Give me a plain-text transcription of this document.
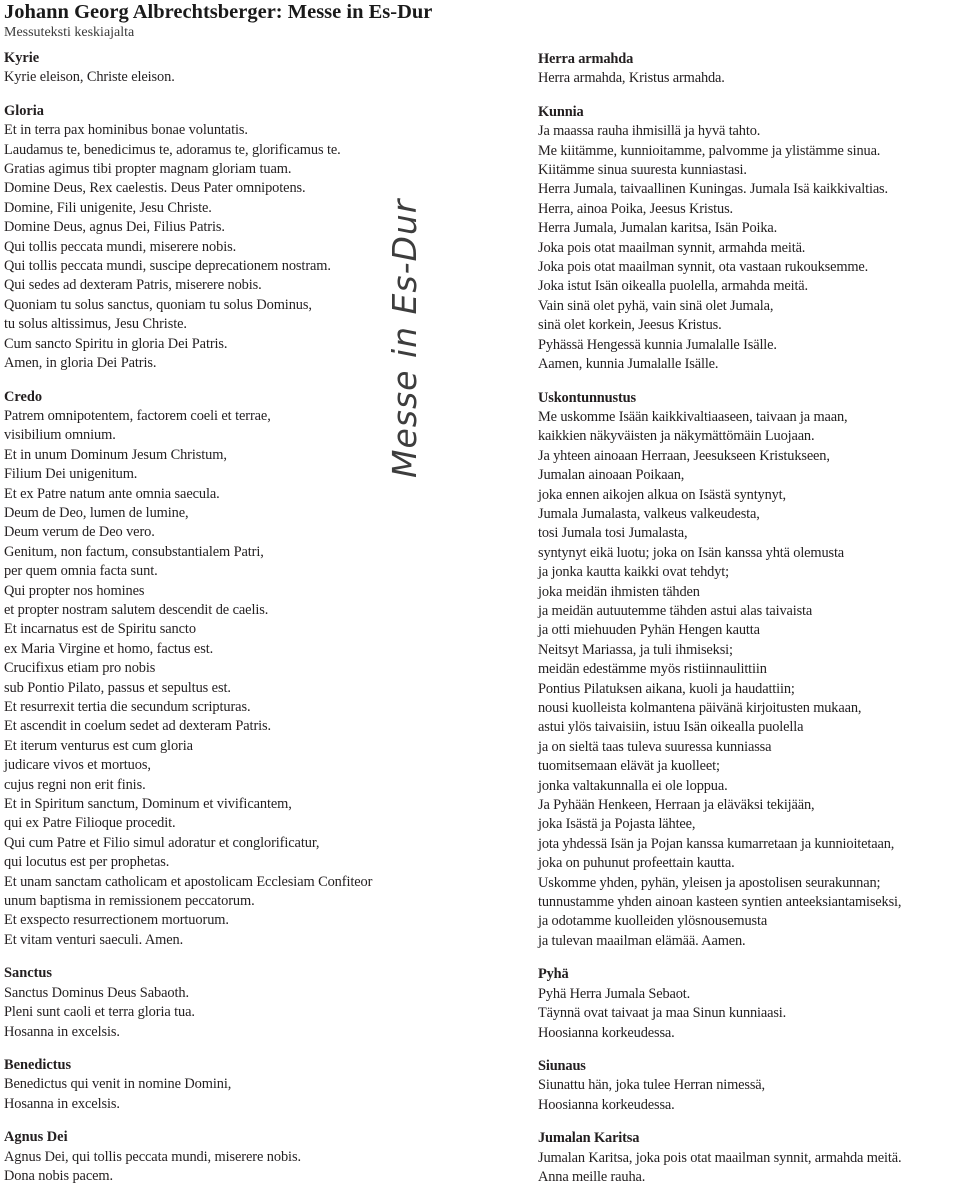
Johann Georg Albrechtsberger: Messe in Es-Dur
Messuteksti keskiajalta
Messe in Es-Dur
Kyrie
Kyrie eleison, Christe eleison.
Gloria
Et in terra pax hominibus bonae voluntatis.
Laudamus te, benedicimus te, adoramus te, glorificamus te.
Gratias agimus tibi propter magnam gloriam tuam.
Domine Deus, Rex caelestis. Deus Pater omnipotens.
Domine, Fili unigenite, Jesu Christe.
Domine Deus, agnus Dei, Filius Patris.
Qui tollis peccata mundi, miserere nobis.
Qui tollis peccata mundi, suscipe deprecationem nostram.
Qui sedes ad dexteram Patris, miserere nobis.
Quoniam tu solus sanctus, quoniam tu solus Dominus,
tu solus altissimus, Jesu Christe.
Cum sancto Spiritu in gloria Dei Patris.
Amen, in gloria Dei Patris.
Credo
Patrem omnipotentem, factorem coeli et terrae,
visibilium omnium.
Et in unum Dominum Jesum Christum,
Filium Dei unigenitum.
Et ex Patre natum ante omnia saecula.
Deum de Deo, lumen de lumine,
Deum verum de Deo vero.
Genitum, non factum, consubstantialem Patri,
per quem omnia facta sunt.
Qui propter nos homines
et propter nostram salutem descendit de caelis.
Et incarnatus est de Spiritu sancto
ex Maria Virgine et homo, factus est.
Crucifixus etiam pro nobis
sub Pontio Pilato, passus et sepultus est.
Et resurrexit tertia die secundum scripturas.
Et ascendit in coelum sedet ad dexteram Patris.
Et iterum venturus est cum gloria
judicare vivos et mortuos,
cujus regni non erit finis.
Et in Spiritum sanctum, Dominum et vivificantem,
qui ex Patre Filioque procedit.
Qui cum Patre et Filio simul adoratur et conglorificatur,
qui locutus est per prophetas.
Et unam sanctam catholicam et apostolicam Ecclesiam Confiteor
unum baptisma in remissionem peccatorum.
Et exspecto resurrectionem mortuorum.
Et vitam venturi saeculi. Amen.
Sanctus
Sanctus Dominus Deus Sabaoth.
Pleni sunt caoli et terra gloria tua.
Hosanna in excelsis.
Benedictus
Benedictus qui venit in nomine Domini,
Hosanna in excelsis.
Agnus Dei
Agnus Dei, qui tollis peccata mundi, miserere nobis.
Dona nobis pacem.
Herra armahda
Herra armahda, Kristus armahda.
Kunnia
Ja maassa rauha ihmisillä ja hyvä tahto.
Me kiitämme, kunnioitamme, palvomme ja ylistämme sinua.
Kiitämme sinua suuresta kunniastasi.
Herra Jumala, taivaallinen Kuningas. Jumala Isä kaikkivaltias.
Herra, ainoa Poika, Jeesus Kristus.
Herra Jumala, Jumalan karitsa, Isän Poika.
Joka pois otat maailman synnit, armahda meitä.
Joka pois otat maailman synnit, ota vastaan rukouksemme.
Joka istut Isän oikealla puolella, armahda meitä.
Vain sinä olet pyhä, vain sinä olet Jumala,
sinä olet korkein, Jeesus Kristus.
Pyhässä Hengessä kunnia Jumalalle Isälle.
Aamen, kunnia Jumalalle Isälle.
Uskontunnustus
Me uskomme Isään kaikkivaltiaaseen, taivaan ja maan,
kaikkien näkyväisten ja näkymättömäin Luojaan.
Ja yhteen ainoaan Herraan, Jeesukseen Kristukseen,
Jumalan ainoaan Poikaan,
joka ennen aikojen alkua on Isästä syntynyt,
Jumala Jumalasta, valkeus valkeudesta,
tosi Jumala tosi Jumalasta,
syntynyt eikä luotu; joka on Isän kanssa yhtä olemusta
ja jonka kautta kaikki ovat tehdyt;
joka meidän ihmisten tähden
ja meidän autuutemme tähden astui alas taivaista
ja otti miehuuden Pyhän Hengen kautta
Neitsyt Mariassa, ja tuli ihmiseksi;
meidän edestämme myös ristiinnaulittiin
Pontius Pilatuksen aikana, kuoli ja haudattiin;
nousi kuolleista kolmantena päivänä kirjoitusten mukaan,
astui ylös taivaisiin, istuu Isän oikealla puolella
ja on sieltä taas tuleva suuressa kunniassa
tuomitsemaan elävät ja kuolleet;
jonka valtakunnalla ei ole loppua.
Ja Pyhään Henkeen, Herraan ja eläväksi tekijään,
joka Isästä ja Pojasta lähtee,
jota yhdessä Isän ja Pojan kanssa kumarretaan ja kunnioitetaan,
joka on puhunut profeettain kautta.
Uskomme yhden, pyhän, yleisen ja apostolisen seurakunnan;
tunnustamme yhden ainoan kasteen syntien anteeksiantamiseksi,
ja odotamme kuolleiden ylösnousemusta
ja tulevan maailman elämää. Aamen.
Pyhä
Pyhä Herra Jumala Sebaot.
Täynnä ovat taivaat ja maa Sinun kunniaasi.
Hoosianna korkeudessa.
Siunaus
Siunattu hän, joka tulee Herran nimessä,
Hoosianna korkeudessa.
Jumalan Karitsa
Jumalan Karitsa, joka pois otat maailman synnit, armahda meitä.
Anna meille rauha.
